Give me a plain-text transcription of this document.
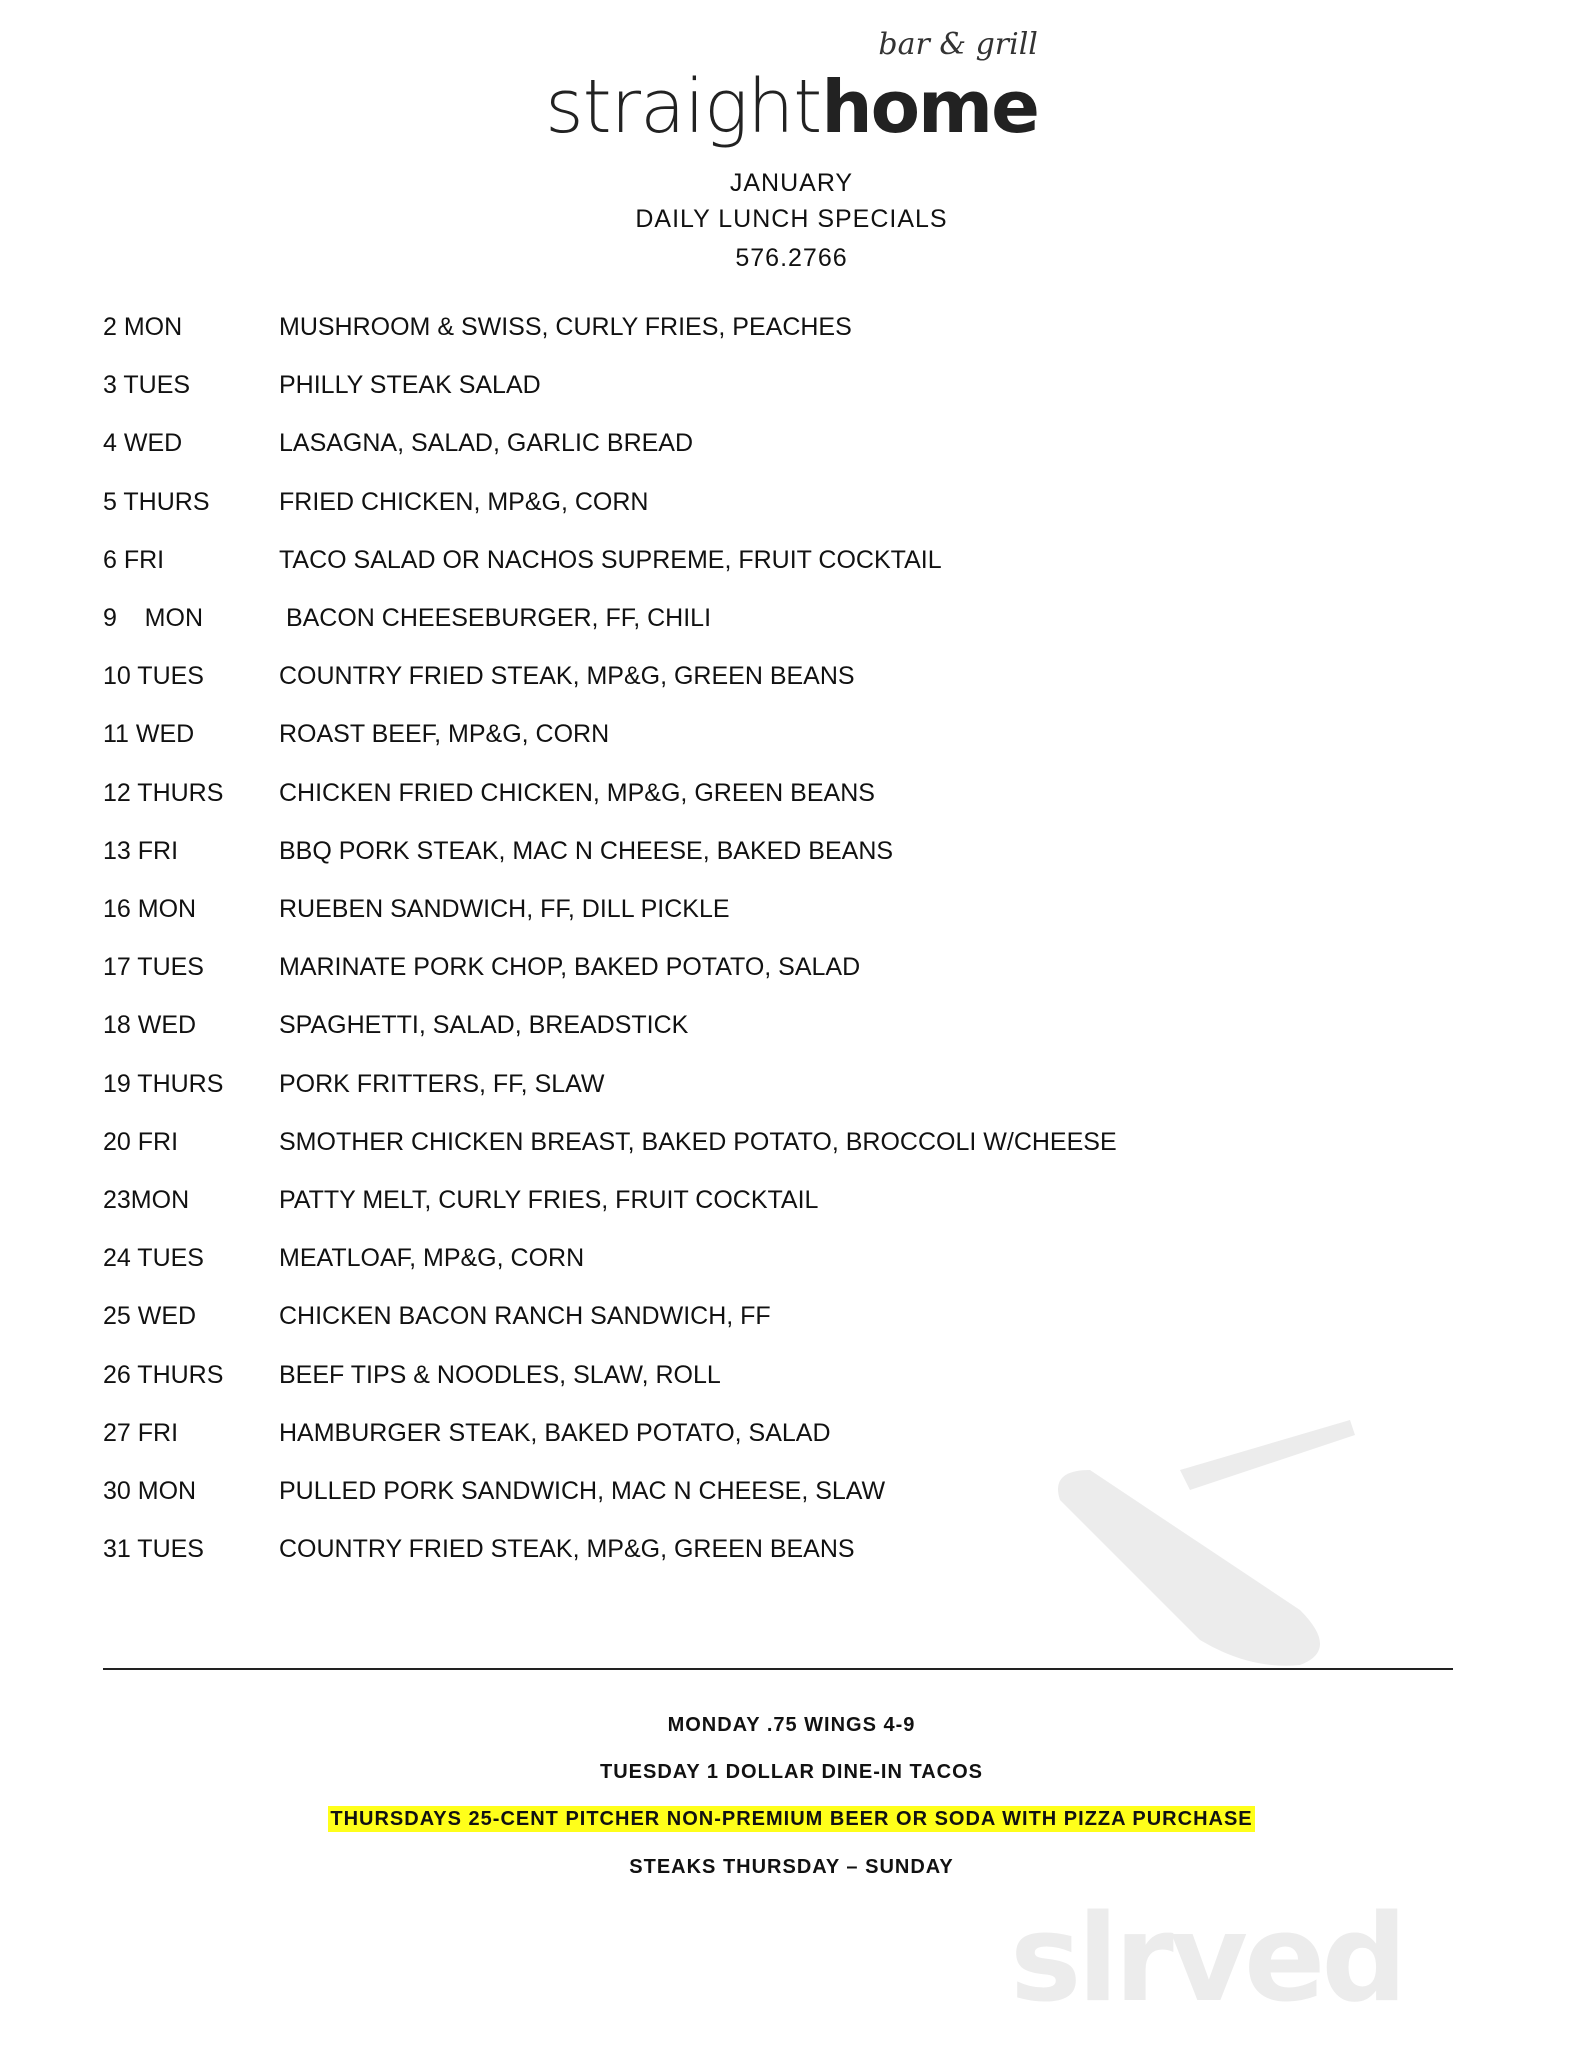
bar & grill
straight home
JANUARY
DAILY LUNCH SPECIALS
576.2766
2 MON	MUSHROOM & SWISS, CURLY FRIES, PEACHES
3 TUES	PHILLY STEAK SALAD
4 WED	LASAGNA, SALAD, GARLIC BREAD
5 THURS	FRIED CHICKEN, MP&G, CORN
6 FRI	TACO SALAD OR NACHOS SUPREME, FRUIT COCKTAIL
9    MON	BACON CHEESEBURGER, FF, CHILI
10 TUES	COUNTRY FRIED STEAK, MP&G, GREEN BEANS
11 WED	ROAST BEEF, MP&G, CORN
12 THURS	CHICKEN FRIED CHICKEN, MP&G, GREEN BEANS
13 FRI	BBQ PORK STEAK, MAC N CHEESE, BAKED BEANS
16 MON	RUEBEN SANDWICH, FF, DILL PICKLE
17 TUES	MARINATE PORK CHOP, BAKED POTATO, SALAD
18 WED	SPAGHETTI, SALAD, BREADSTICK
19 THURS	PORK FRITTERS, FF, SLAW
20 FRI	SMOTHER CHICKEN BREAST, BAKED POTATO, BROCCOLI W/CHEESE
23MON	PATTY MELT, CURLY FRIES, FRUIT COCKTAIL
24 TUES	MEATLOAF, MP&G, CORN
25 WED	CHICKEN BACON RANCH SANDWICH, FF
26 THURS	BEEF TIPS & NOODLES, SLAW, ROLL
27 FRI	HAMBURGER STEAK, BAKED POTATO, SALAD
30 MON	PULLED PORK SANDWICH, MAC N CHEESE, SLAW
31 TUES	COUNTRY FRIED STEAK, MP&G, GREEN BEANS
MONDAY .75 WINGS 4-9
TUESDAY 1 DOLLAR DINE-IN TACOS
THURSDAYS 25-CENT PITCHER NON-PREMIUM BEER OR SODA WITH PIZZA PURCHASE
STEAKS THURSDAY – SUNDAY
slrved
